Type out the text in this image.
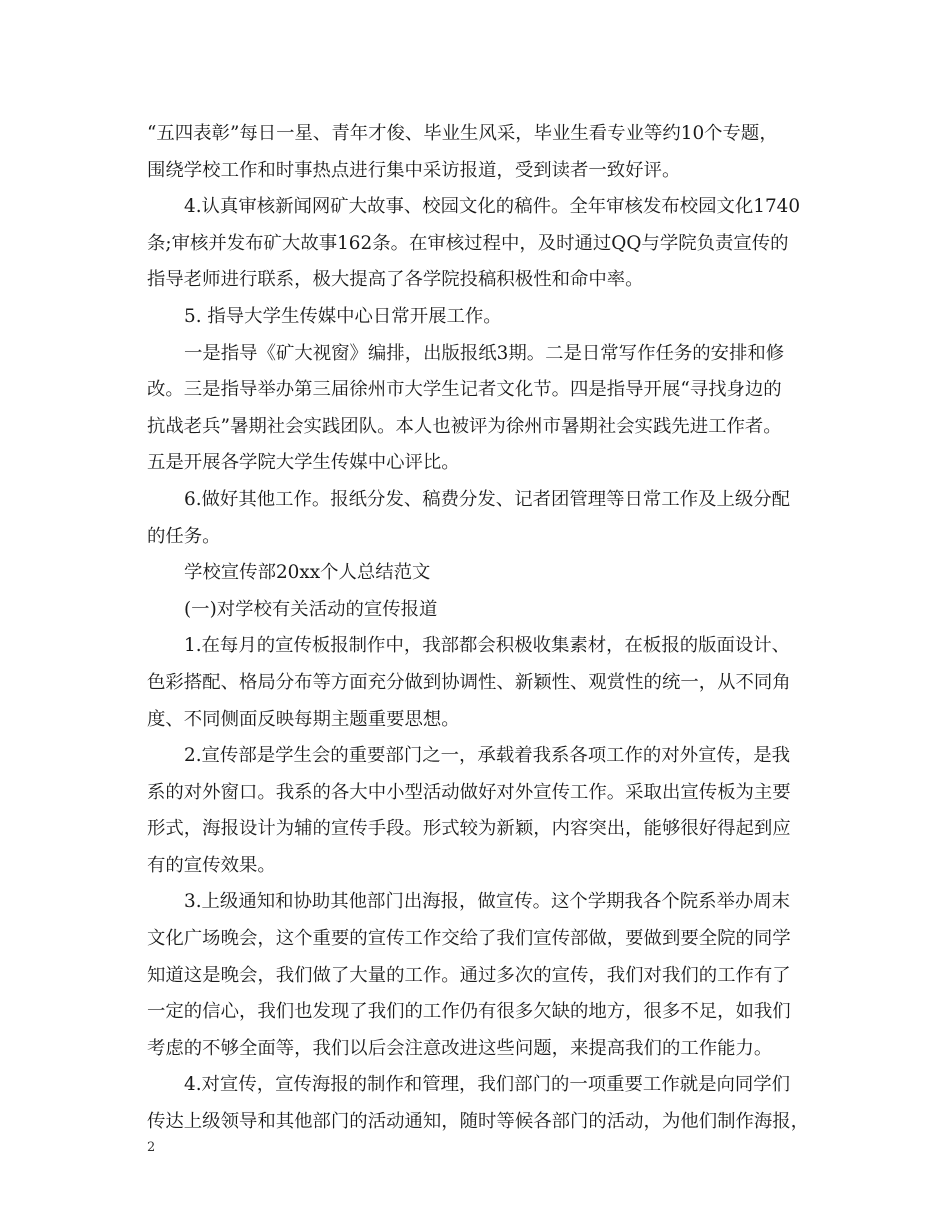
“五四表彰”每日一星、青年才俊、毕业生风采，毕业生看专业等约10个专题，
围绕学校工作和时事热点进行集中采访报道，受到读者一致好评。
4.认真审核新闻网矿大故事、校园文化的稿件。全年审核发布校园文化1740
条;审核并发布矿大故事162条。在审核过程中，及时通过QQ与学院负责宣传的
指导老师进行联系，极大提高了各学院投稿积极性和命中率。
5. 指导大学生传媒中心日常开展工作。
一是指导《矿大视窗》编排，出版报纸3期。二是日常写作任务的安排和修
改。三是指导举办第三届徐州市大学生记者文化节。四是指导开展“寻找身边的
抗战老兵”暑期社会实践团队。本人也被评为徐州市暑期社会实践先进工作者。
五是开展各学院大学生传媒中心评比。
6.做好其他工作。报纸分发、稿费分发、记者团管理等日常工作及上级分配
的任务。
学校宣传部20xx个人总结范文
(一)对学校有关活动的宣传报道
1.在每月的宣传板报制作中，我部都会积极收集素材，在板报的版面设计、
色彩搭配、格局分布等方面充分做到协调性、新颖性、观赏性的统一，从不同角
度、不同侧面反映每期主题重要思想。
2.宣传部是学生会的重要部门之一，承载着我系各项工作的对外宣传，是我
系的对外窗口。我系的各大中小型活动做好对外宣传工作。采取出宣传板为主要
形式，海报设计为辅的宣传手段。形式较为新颖，内容突出，能够很好得起到应
有的宣传效果。
3.上级通知和协助其他部门出海报，做宣传。这个学期我各个院系举办周末
文化广场晚会，这个重要的宣传工作交给了我们宣传部做，要做到要全院的同学
知道这是晚会，我们做了大量的工作。通过多次的宣传，我们对我们的工作有了
一定的信心，我们也发现了我们的工作仍有很多欠缺的地方，很多不足，如我们
考虑的不够全面等，我们以后会注意改进这些问题，来提高我们的工作能力。
4.对宣传，宣传海报的制作和管理，我们部门的一项重要工作就是向同学们
传达上级领导和其他部门的活动通知，随时等候各部门的活动，为他们制作海报，
2
